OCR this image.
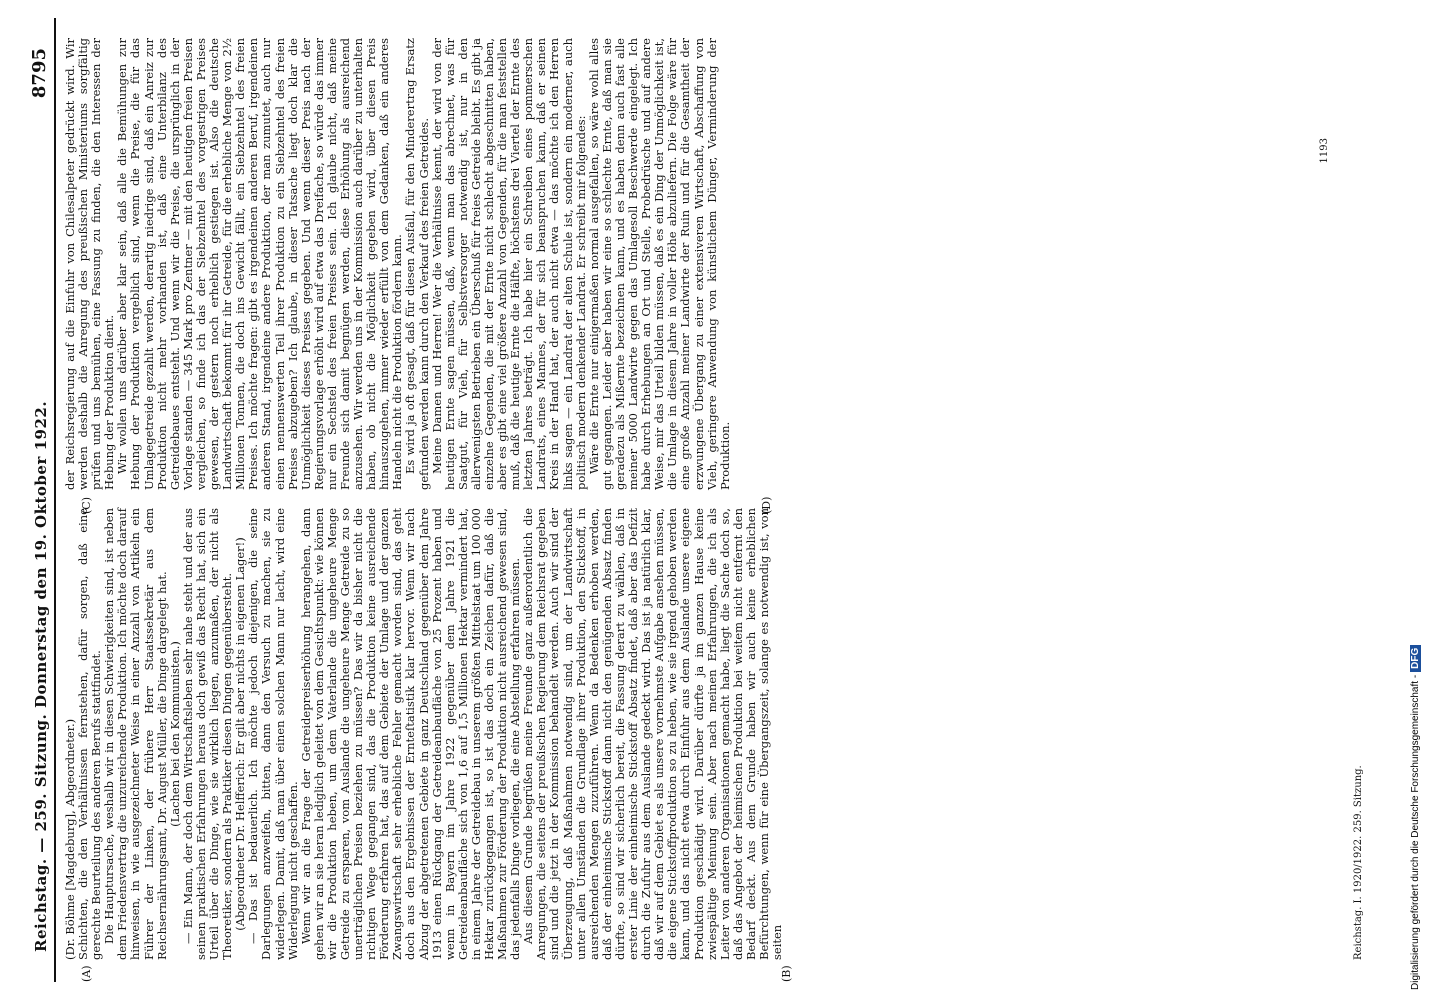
Reichstag. — 259. Sitzung. Donnerstag den 19. Oktober 1922.
8795
(A)	(B)
(C)	(D)

(Dr. Böhme [Magdeburg], Abgeordneter.) Schichten, die den Verhältnissen fernstehen, dafür sorgen, daß eine gerechte Beurteilung des anderen Berufs stattfindet. Die Hauptursache, weshalb wir in diesen Schwierigkeiten sind, ist neben dem Friedensvertrag die unzureichende Produktion. Ich möchte doch darauf hinweisen, in wie ausgezeichneter Weise in einer Anzahl von Artikeln ein Führer der Linken, der frühere Herr Staatssekretär aus dem Reichsernährungsamt, Dr. August Müller, die Dinge dargelegt hat. (Lachen bei den Kommunisten.) — Ein Mann, der doch dem Wirtschaftsleben sehr nahe steht und der aus seinen praktischen Erfahrungen heraus doch gewiß das Recht hat, sich ein Urteil über die Dinge, wie sie wirklich liegen, anzumaßen, der nicht als Theoretiker, sondern als Praktiker diesen Dingen gegenübersteht. (Abgeordneter Dr. Helfferich: Er gilt aber nichts in eigenen Lager!) — Das ist bedauerlich. Ich möchte jedoch diejenigen, die seine Darlegungen anzweifeln, bitten, dann den Versuch zu machen, sie zu widerlegen. Damit, daß man über einen solchen Mann nur lacht, wird eine Widerlegung nicht geschaffen. Wenn wir an die Frage der Getreidepreiserhöhung herangehen, dann gehen wir an sie heran lediglich geleitet von dem Gesichtspunkt: wie können wir die Produktion heben, um dem Vaterlande die ungeheure Menge Getreide zu ersparen, vom Auslande die ungeheure Menge Getreide zu so unerträglichen Preisen beziehen zu müssen? Das wir da bisher nicht die richtigen Wege gegangen sind, das die Produktion keine ausreichende Förderung erfahren hat, das auf dem Gebiete der Umlage und der ganzen Zwangswirtschaft sehr erhebliche Fehler gemacht worden sind, das geht doch aus den Ergebnissen der Ernteſtatistik klar hervor. Wenn wir nach Abzug der abgetretenen Gebiete in ganz Deutschland gegenüber dem Jahre 1913 einen Rückgang der Getreideanbaufläche von 25 Prozent haben und wenn in Bayern im Jahre 1922 gegenüber dem Jahre 1921 die Getreideanbaufläche sich von 1,6 auf 1,5 Millionen Hektar vermindert hat, in einem Jahre der Getreidebau in unserem größten Mittelstaat um 100 000 Hektar zurückgegangen ist, so ist das doch ein Zeichen dafür, daß die Maßnahmen zur Förderung der Produktion nicht ausreichend gewesen sind, das jedenfalls Dinge vorliegen, die eine Abstellung erfahren müssen. Aus diesem Grunde begrüßen meine Freunde ganz außerordentlich die Anregungen, die seitens der preußischen Regierung dem Reichsrat gegeben sind und die jetzt in der Kommission behandelt werden. Auch wir sind der Überzeugung, daß Maßnahmen notwendig sind, um der Landwirtschaft unter allen Umständen die Grundlage ihrer Produktion, den Stickstoff, in ausreichenden Mengen zuzuführen. Wenn da Bedenken erhoben werden, daß der einheimische Stickstoff dann nicht den genügenden Absatz finden dürfte, so sind wir sicherlich bereit, die Fassung derart zu wählen, daß in erster Linie der einheimische Stickstoff Absatz findet, daß aber das Defizit durch die Zufuhr aus dem Auslande gedeckt wird. Das ist ja natürlich klar, daß wir auf dem Gebiet es als unsere vornehmste Aufgabe ansehen müssen, die eigene Stickstoffproduktion so zu heben, wie sie irgend gehoben werden kann, und das nicht etwa durch Einfuhr aus dem Auslande unsere eigene Produktion geschädigt wird. Darüber dürfte ja im ganzen Hause keine zwiespältige Meinung sein. Aber nach meinen Erfahrungen, die ich als Leiter von anderen Organisationen gemacht habe, liegt die Sache doch so, daß das Angebot der heimischen Produktion bei weitem nicht entfernt den Bedarf deckt. Aus dem Grunde haben wir auch keine erheblichen Befürchtungen, wenn für eine Übergangszeit, solange es notwendig ist, von seiten

der Reichsregierung auf die Einfuhr von Chilesalpeter gedrückt wird. Wir werden deshalb die Anregung des preußischen Ministeriums sorgfältig prüfen und uns bemühen, eine Fassung zu finden, die den Interessen der Hebung der Produktion dient. Wir wollen uns darüber aber klar sein, daß alle die Bemühungen zur Hebung der Produktion vergeblich sind, wenn die Preise, die für das Umlagegetreide gezahlt werden, derartig niedrige sind, daß ein Anreiz zur Produktion nicht mehr vorhanden ist, daß eine Unterbilanz des Getreidebaues entsteht. Und wenn wir die Preise, die ursprünglich in der Vorlage standen — 345 Mark pro Zentner — mit den heutigen freien Preisen vergleichen, so finde ich das der Siebzehntel des vorgestrigen Preises gewesen, der gestern noch erheblich gestiegen ist. Also die deutsche Landwirtschaft bekommt für ihr Getreide, für die erhebliche Menge von 2½ Millionen Tonnen, die doch ins Gewicht fällt, ein Siebzehntel des freien Preises. Ich möchte fragen: gibt es irgendeinen anderen Beruf, irgendeinen anderen Stand, irgendeine andere Produktion, der man zumutet, auch nur einen nennenswerten Teil ihrer Produktion zu ein Siebzehntel des freien Preises abzugeben? Ich glaube, in dieser Tatsache liegt doch klar die Unmöglichkeit dieses Preises gegeben. Und wenn dieser Preis nach der Regierungsvorlage erhöht wird auf etwa das Dreifache, so würde das immer nur ein Sechstel des freien Preises sein. Ich glaube nicht, daß meine Freunde sich damit begnügen werden, diese Erhöhung als ausreichend anzusehen. Wir werden uns in der Kommission auch darüber zu unterhalten haben, ob nicht die Möglichkeit gegeben wird, über diesen Preis hinauszugehen, immer wieder erfüllt von dem Gedanken, daß ein anderes Handeln nicht die Produktion fördern kann. Es wird ja oft gesagt, daß für diesen Ausfall, für den Minderertrag Ersatz gefunden werden kann durch den Verkauf des freien Getreides. Meine Damen und Herren! Wer die Verhältnisse kennt, der wird von der heutigen Ernte sagen müssen, daß, wenn man das abrechnet, was für Saatgut, für Vieh, für Selbstversorger notwendig ist, nur in den allerwenigsten Betrieben ein Überschuß für freies Getreide bleibt. Es gibt ja einzelne Gegenden, die mit der Ernte nicht schlecht abgeschnitten haben, aber es gibt eine viel größere Anzahl von Gegenden, für die man feststellen muß, daß die heutige Ernte die Hälfte, höchstens drei Viertel der Ernte des letzten Jahres beträgt. Ich habe hier ein Schreiben eines pommerschen Landrats, eines Mannes, der für sich beanspruchen kann, daß er seinen Kreis in der Hand hat, der auch nicht etwa — das möchte ich den Herren links sagen — ein Landrat der alten Schule ist, sondern ein moderner, auch politisch modern denkender Landrat. Er schreibt mir folgendes: Wäre die Ernte nur einigermaßen normal ausgefallen, so wäre wohl alles gut gegangen. Leider aber haben wir eine so schlechte Ernte, daß man sie geradezu als Mißernte bezeichnen kann, und es haben denn auch fast alle meiner 5000 Landwirte gegen das Umlagesoll Beschwerde eingelegt. Ich habe durch Erhebungen an Ort und Stelle, Probedrüsche und auf andere Weise, mir das Urteil bilden müssen, daß es ein Ding der Unmöglichkeit ist, die Umlage in diesem Jahre in voller Höhe abzuliefern. Die Folge wäre für eine große Anzahl meiner Landwirte der Ruin und für die Gesamtheit der erzwungene Übergang zu einer extensiveren Wirtschaft, Abschaffung von Vieh, geringere Anwendung von künstlichem Dünger, Verminderung der Produktion.

Reichstag. I. 1920/1922. 259. Sitzung.
1193
Digitalisierung gefördert durch die Deutsche Forschungsgemeinschaft -DFG
